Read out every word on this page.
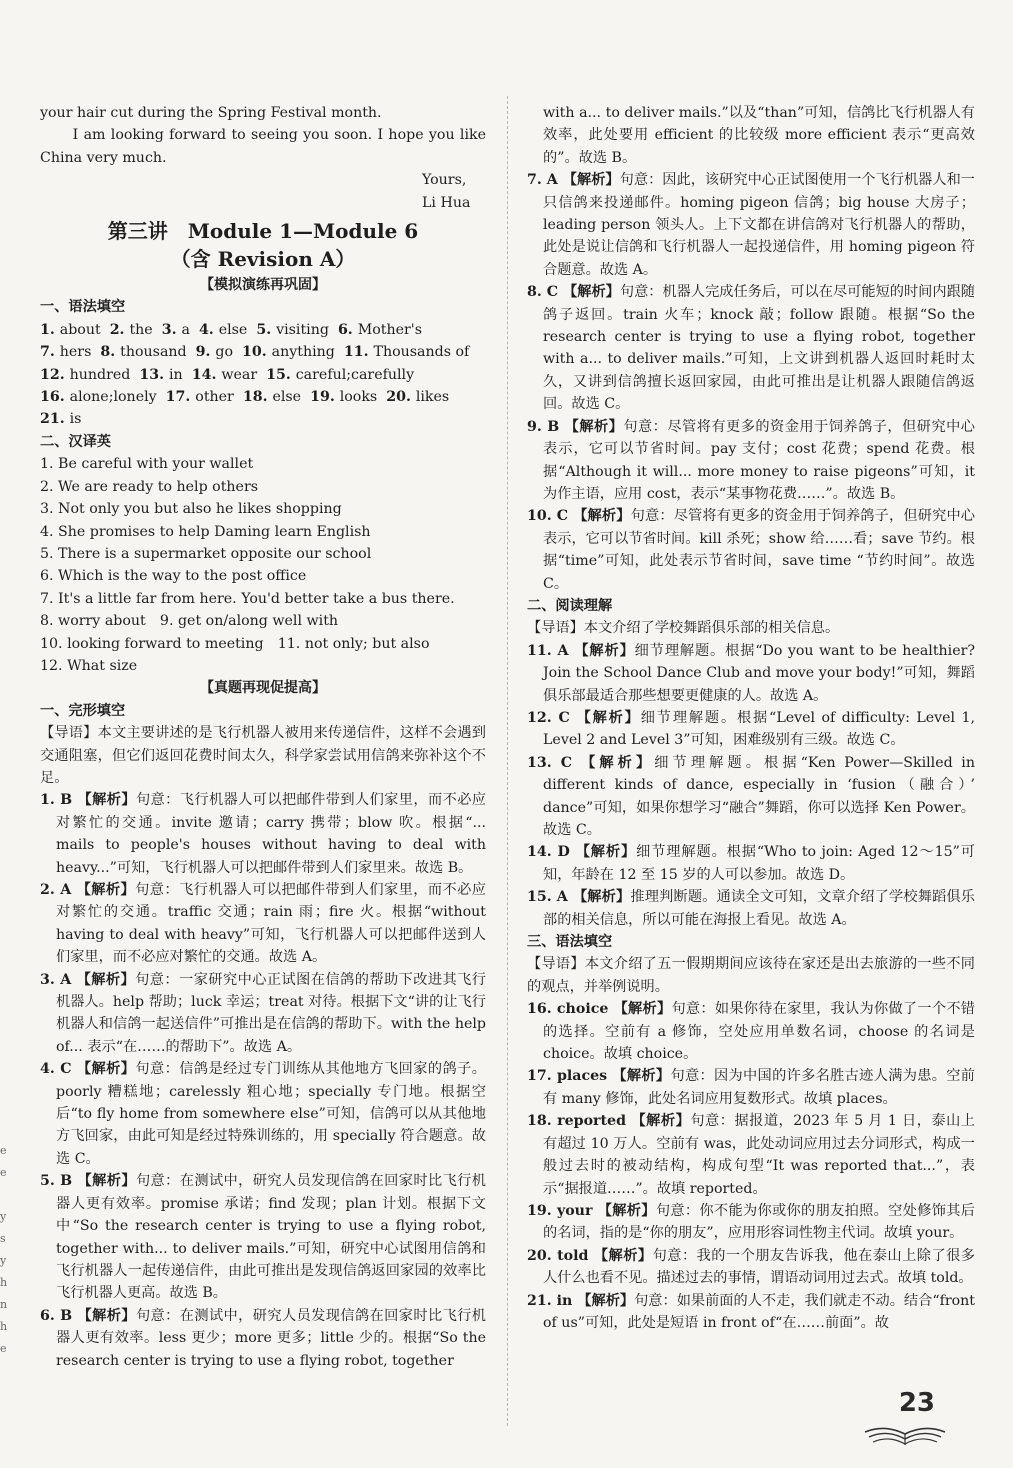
your hair cut during the Spring Festival month.

I am looking forward to seeing you soon. I hope you like China very much.

Yours,

Li Hua

第三讲　Module 1—Module 6

（含 Revision A）

【模拟演练再巩固】

一、语法填空

1. about 2. the 3. a 4. else 5. visiting 6. Mother's

7. hers 8. thousand 9. go 10. anything 11. Thousands of

12. hundred 13. in 14. wear 15. careful;carefully

16. alone;lonely 17. other 18. else 19. looks 20. likes

21. is

二、汉译英

1. Be careful with your wallet

2. We are ready to help others

3. Not only you but also he likes shopping

4. She promises to help Daming learn English

5. There is a supermarket opposite our school

6. Which is the way to the post office

7. It's a little far from here. You'd better take a bus there.

8. worry about　9. get on/along well with

10. looking forward to meeting　11. not only; but also

12. What size

【真题再现促提高】

一、完形填空

【导语】本文主要讲述的是飞行机器人被用来传递信件，这样不会遇到交通阻塞，但它们返回花费时间太久，科学家尝试用信鸽来弥补这个不足。

1. B 【解析】句意：飞行机器人可以把邮件带到人们家里，而不必应对繁忙的交通。invite 邀请；carry 携带；blow 吹。根据“... mails to people's houses without having to deal with heavy...”可知，飞行机器人可以把邮件带到人们家里来。故选 B。

2. A 【解析】句意：飞行机器人可以把邮件带到人们家里，而不必应对繁忙的交通。traffic 交通；rain 雨；fire 火。根据“without having to deal with heavy”可知，飞行机器人可以把邮件送到人们家里，而不必应对繁忙的交通。故选 A。

3. A 【解析】句意：一家研究中心正试图在信鸽的帮助下改进其飞行机器人。help 帮助；luck 幸运；treat 对待。根据下文“讲的让飞行机器人和信鸽一起送信件”可推出是在信鸽的帮助下。with the help of... 表示“在……的帮助下”。故选 A。

4. C 【解析】句意：信鸽是经过专门训练从其他地方飞回家的鸽子。poorly 糟糕地；carelessly 粗心地；specially 专门地。根据空后“to fly home from somewhere else”可知，信鸽可以从其他地方飞回家，由此可知是经过特殊训练的，用 specially 符合题意。故选 C。

5. B 【解析】句意：在测试中，研究人员发现信鸽在回家时比飞行机器人更有效率。promise 承诺；find 发现；plan 计划。根据下文中“So the research center is trying to use a flying robot, together with... to deliver mails.”可知，研究中心试图用信鸽和飞行机器人一起传递信件，由此可推出是发现信鸽返回家园的效率比飞行机器人更高。故选 B。

6. B 【解析】句意：在测试中，研究人员发现信鸽在回家时比飞行机器人更有效率。less 更少；more 更多；little 少的。根据“So the research center is trying to use a flying robot, together

with a... to deliver mails.”以及“than”可知，信鸽比飞行机器人有效率，此处要用 efficient 的比较级 more efficient 表示“更高效的”。故选 B。

7. A 【解析】句意：因此，该研究中心正试图使用一个飞行机器人和一只信鸽来投递邮件。homing pigeon 信鸽；big house 大房子；leading person 领头人。上下文都在讲信鸽对飞行机器人的帮助，此处是说让信鸽和飞行机器人一起投递信件，用 homing pigeon 符合题意。故选 A。

8. C 【解析】句意：机器人完成任务后，可以在尽可能短的时间内跟随鸽子返回。train 火车；knock 敲；follow 跟随。根据“So the research center is trying to use a flying robot, together with a... to deliver mails.”可知，上文讲到机器人返回时耗时太久，又讲到信鸽擅长返回家园，由此可推出是让机器人跟随信鸽返回。故选 C。

9. B 【解析】句意：尽管将有更多的资金用于饲养鸽子，但研究中心表示，它可以节省时间。pay 支付；cost 花费；spend 花费。根据“Although it will... more money to raise pigeons”可知，it 为作主语，应用 cost，表示“某事物花费……”。故选 B。

10. C 【解析】句意：尽管将有更多的资金用于饲养鸽子，但研究中心表示，它可以节省时间。kill 杀死；show 给……看；save 节约。根据“time”可知，此处表示节省时间，save time “节约时间”。故选 C。

二、阅读理解

【导语】本文介绍了学校舞蹈俱乐部的相关信息。

11. A 【解析】细节理解题。根据“Do you want to be healthier? Join the School Dance Club and move your body!”可知，舞蹈俱乐部最适合那些想要更健康的人。故选 A。

12. C 【解析】细节理解题。根据“Level of difficulty: Level 1, Level 2 and Level 3”可知，困难级别有三级。故选 C。

13. C 【解析】细节理解题。根据“Ken Power—Skilled in different kinds of dance, especially in ‘fusion（融合）’ dance”可知，如果你想学习“融合”舞蹈，你可以选择 Ken Power。故选 C。

14. D 【解析】细节理解题。根据“Who to join: Aged 12～15”可知，年龄在 12 至 15 岁的人可以参加。故选 D。

15. A 【解析】推理判断题。通读全文可知，文章介绍了学校舞蹈俱乐部的相关信息，所以可能在海报上看见。故选 A。

三、语法填空

【导语】本文介绍了五一假期期间应该待在家还是出去旅游的一些不同的观点，并举例说明。

16. choice 【解析】句意：如果你待在家里，我认为你做了一个不错的选择。空前有 a 修饰，空处应用单数名词，choose 的名词是 choice。故填 choice。

17. places 【解析】句意：因为中国的许多名胜古迹人满为患。空前有 many 修饰，此处名词应用复数形式。故填 places。

18. reported 【解析】句意：据报道，2023 年 5 月 1 日，泰山上有超过 10 万人。空前有 was，此处动词应用过去分词形式，构成一般过去时的被动结构，构成句型“It was reported that...”，表示“据报道……”。故填 reported。

19. your 【解析】句意：你不能为你或你的朋友拍照。空处修饰其后的名词，指的是“你的朋友”，应用形容词性物主代词。故填 your。

20. told 【解析】句意：我的一个朋友告诉我，他在泰山上除了很多人什么也看不见。描述过去的事情，谓语动词用过去式。故填 told。

21. in 【解析】句意：如果前面的人不走，我们就走不动。结合“front of us”可知，此处是短语 in front of“在……前面”。故

23
e
e

y
s
y
h
n
h
e
